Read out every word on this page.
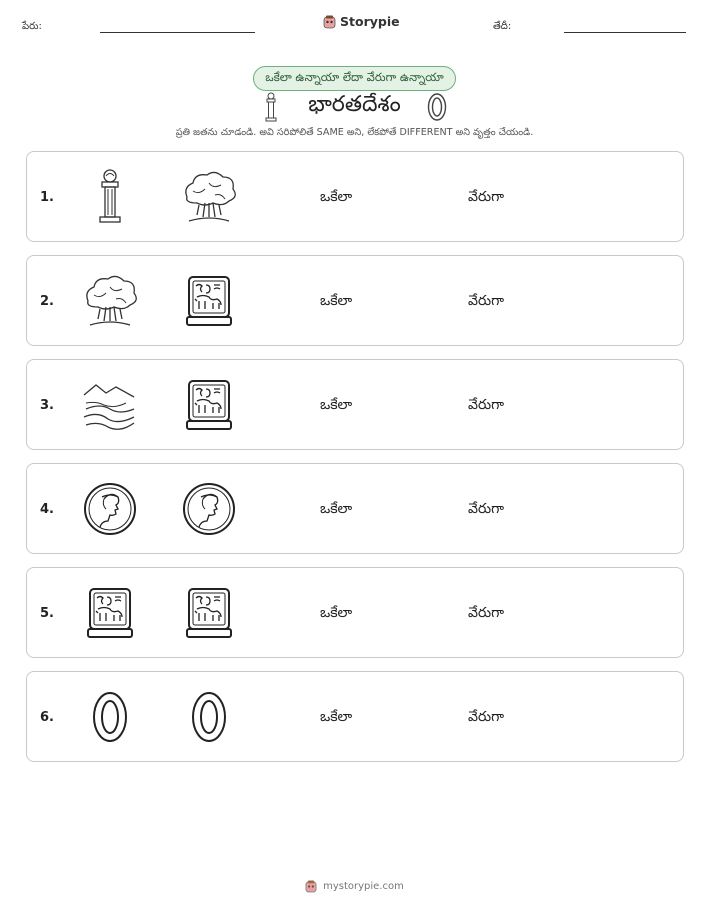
పేరు:	Storypie	తేదీ:
ఒకేలా ఉన్నాయా లేదా వేరుగా ఉన్నాయా
భారతదేశం
ప్రతి జతను చూడండి. అవి సరిపోలితే SAME అని, లేకపోతే DIFFERENT అని వృత్తం చేయండి.
1.	ఒకేలా	వేరుగా
2.	ఒకేలా	వేరుగా
3.	ఒకేలా	వేరుగా
4.	ఒకేలా	వేరుగా
5.	ఒకేలా	వేరుగా
6.	ఒకేలా	వేరుగా
mystorypie.com
